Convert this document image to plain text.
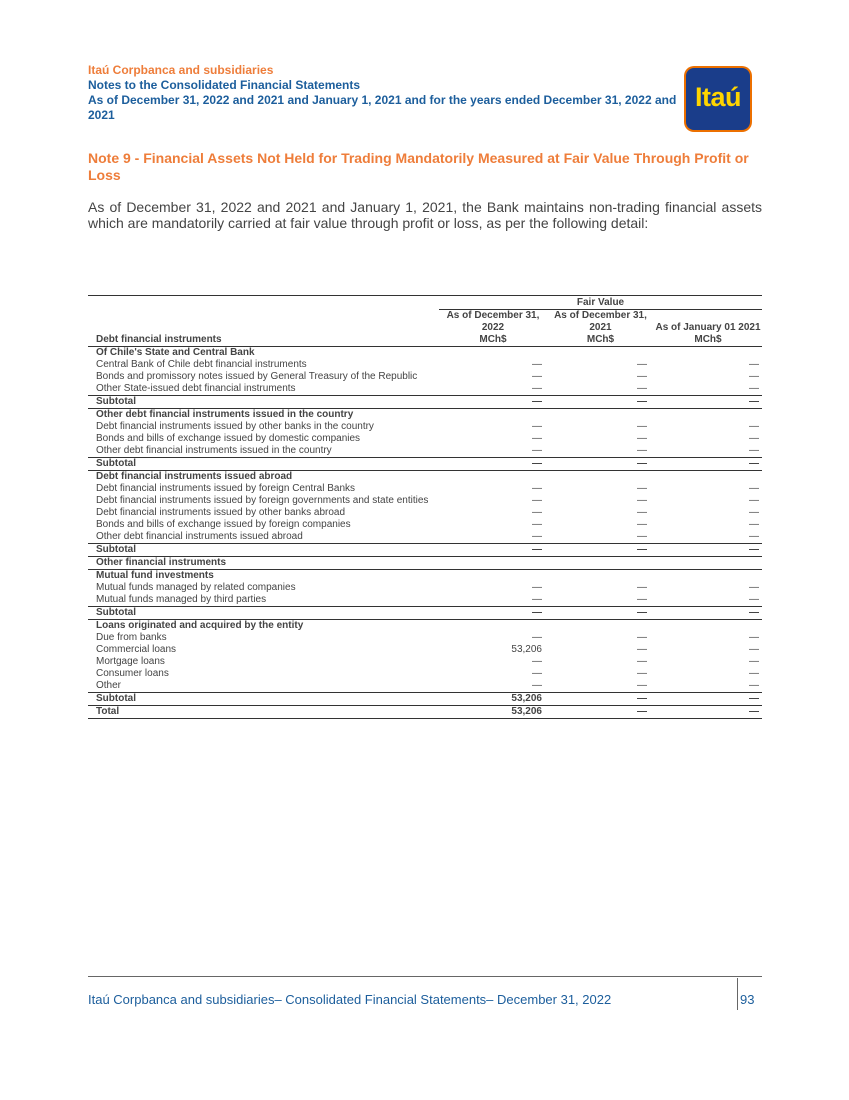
Itaú Corpbanca and subsidiaries
Notes to the Consolidated Financial Statements
As of December 31, 2022 and 2021 and January 1, 2021 and for the years ended December 31, 2022 and 2021
Itaú
Note 9 - Financial Assets Not Held for Trading Mandatorily Measured at Fair Value Through Profit or Loss
As of December 31, 2022 and 2021 and January 1, 2021, the Bank maintains non-trading financial assets which are mandatorily carried at fair value through profit or loss, as per the following detail:

	Fair Value		
	As of December 31, 2022	As of December 31, 2021	As of January 01 2021
Debt financial instruments	MCh$	MCh$	MCh$
Of Chile's State and Central Bank			
Central Bank of Chile debt financial instruments	—	—	—
Bonds and promissory notes issued by General Treasury of the Republic	—	—	—
Other State-issued debt financial instruments	—	—	—
Subtotal	—	—	—
Other debt financial instruments issued in the country			
Debt financial instruments issued by other banks in the country	—	—	—
Bonds and bills of exchange issued by domestic companies	—	—	—
Other debt financial instruments issued in the country	—	—	—
Subtotal	—	—	—
Debt financial instruments issued abroad			
Debt financial instruments issued by foreign Central Banks	—	—	—
Debt financial instruments issued by foreign governments and state entities	—	—	—
Debt financial instruments issued by other banks abroad	—	—	—
Bonds and bills of exchange issued by foreign companies	—	—	—
Other debt financial instruments issued abroad	—	—	—
Subtotal	—	—	—
Other financial instruments			
Mutual fund investments			
Mutual funds managed by related companies	—	—	—
Mutual funds managed by third parties	—	—	—
Subtotal	—	—	—
Loans originated and acquired by the entity			
Due from banks	—	—	—
Commercial loans	53,206	—	—
Mortgage loans	—	—	—
Consumer loans	—	—	—
Other	—	—	—
Subtotal	53,206	—	—
Total	53,206	—	—
Itaú Corpbanca and subsidiaries– Consolidated Financial Statements– December 31, 2022	93
